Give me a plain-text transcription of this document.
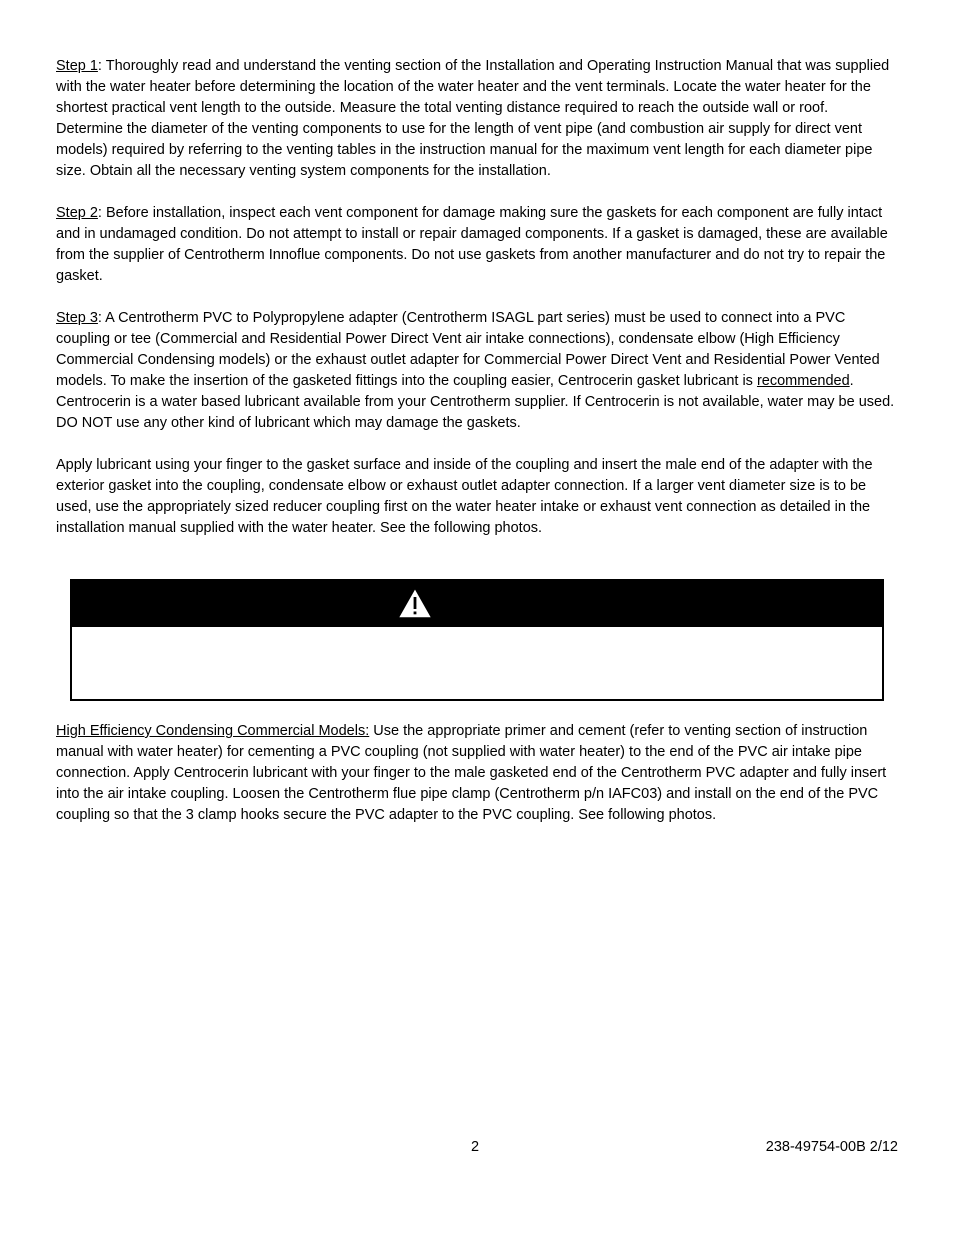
Step 1: Thoroughly read and understand the venting section of the Installation and Operating Instruction Manual that was supplied with the water heater before determining the location of the water heater and the vent terminals. Locate the water heater for the shortest practical vent length to the outside. Measure the total venting distance required to reach the outside wall or roof. Determine the diameter of the venting components to use for the length of vent pipe (and combustion air supply for direct vent models) required by referring to the venting tables in the instruction manual for the maximum vent length for each diameter pipe size. Obtain all the necessary venting system components for the installation.

Step 2: Before installation, inspect each vent component for damage making sure the gaskets for each component are fully intact and in undamaged condition. Do not attempt to install or repair damaged components. If a gasket is damaged, these are available from the supplier of Centrotherm Innoflue components. Do not use gaskets from another manufacturer and do not try to repair the gasket.

Step 3: A Centrotherm PVC to Polypropylene adapter (Centrotherm ISAGL part series) must be used to connect into a PVC coupling or tee (Commercial and Residential Power Direct Vent air intake connections), condensate elbow (High Efficiency Commercial Condensing models) or the exhaust outlet adapter for Commercial Power Direct Vent and Residential Power Vented models. To make the insertion of the gasketed fittings into the coupling easier, Centrocerin gasket lubricant is recommended. Centrocerin is a water based lubricant available from your Centrotherm supplier. If Centrocerin is not available, water may be used. DO NOT use any other kind of lubricant which may damage the gaskets.

Apply lubricant using your finger to the gasket surface and inside of the coupling and insert the male end of the adapter with the exterior gasket into the coupling, condensate elbow or exhaust outlet adapter connection. If a larger vent diameter size is to be used, use the appropriately sized reducer coupling first on the water heater intake or exhaust vent connection as detailed in the installation manual supplied with the water heater. See the following photos.

High Efficiency Condensing Commercial Models: Use the appropriate primer and cement (refer to venting section of instruction manual with water heater) for cementing a PVC coupling (not supplied with water heater) to the end of the PVC air intake pipe connection. Apply Centrocerin lubricant with your finger to the male gasketed end of the Centrotherm PVC adapter and fully insert into the air intake coupling. Loosen the Centrotherm flue pipe clamp (Centrotherm p/n IAFC03) and install on the end of the PVC coupling so that the 3 clamp hooks secure the PVC adapter to the PVC coupling. See following photos.

2	238-49754-00B 2/12
